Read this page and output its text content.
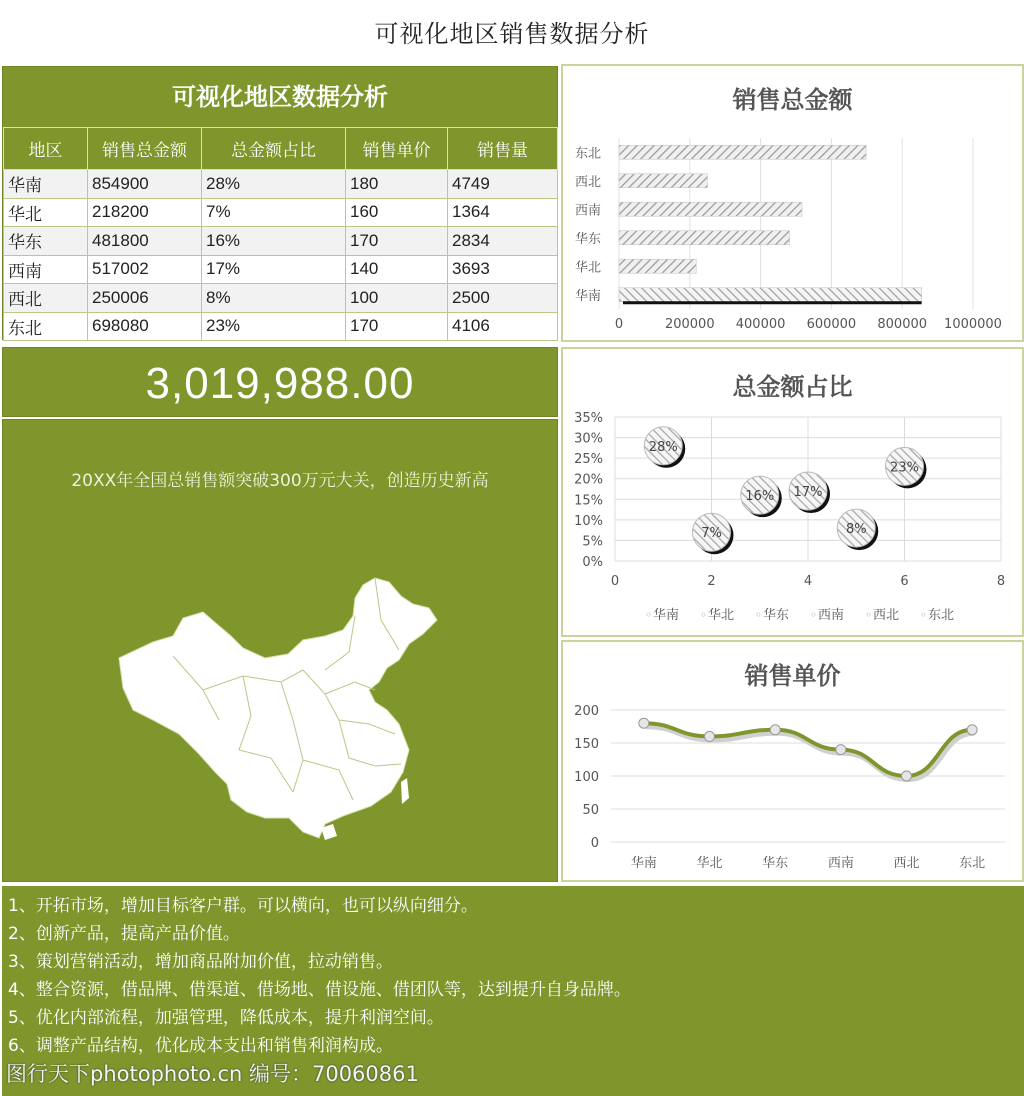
可视化地区销售数据分析
可视化地区数据分析
地区	销售总金额	总金额占比	销售单价	销售量
华南	854900	28%	180	4749
华北	218200	7%	160	1364
华东	481800	16%	170	2834
西南	517002	17%	140	3693
西北	250006	8%	100	2500
东北	698080	23%	170	4106
销售总金额
0	200000 400000 600000 800000 1000000
东北
西北
西南
华东
华北
华南
3,019,988.00
20XX年全国总销售额突破300万元大关，创造历史新高
总金额占比
0%
5%
10%
15%
20%
25%
30%
35%
0	2	4	6	8
28%
◦ 华南
7%
◦ 华北
16%
◦ 华东
17%
◦ 西南
8%
◦ 西北
23%
◦ 东北
销售单价
0
50
100
150
200
华南	华北	华东	西南	西北	东北
1、开拓市场，增加目标客户群。可以横向，也可以纵向细分。
2、创新产品，提高产品价值。
3、策划营销活动，增加商品附加价值，拉动销售。
4、整合资源，借品牌、借渠道、借场地、借设施、借团队等，达到提升自身品牌。
5、优化内部流程，加强管理，降低成本，提升利润空间。
6、调整产品结构，优化成本支出和销售利润构成。
图行天下photophoto.cn 编号：70060861
